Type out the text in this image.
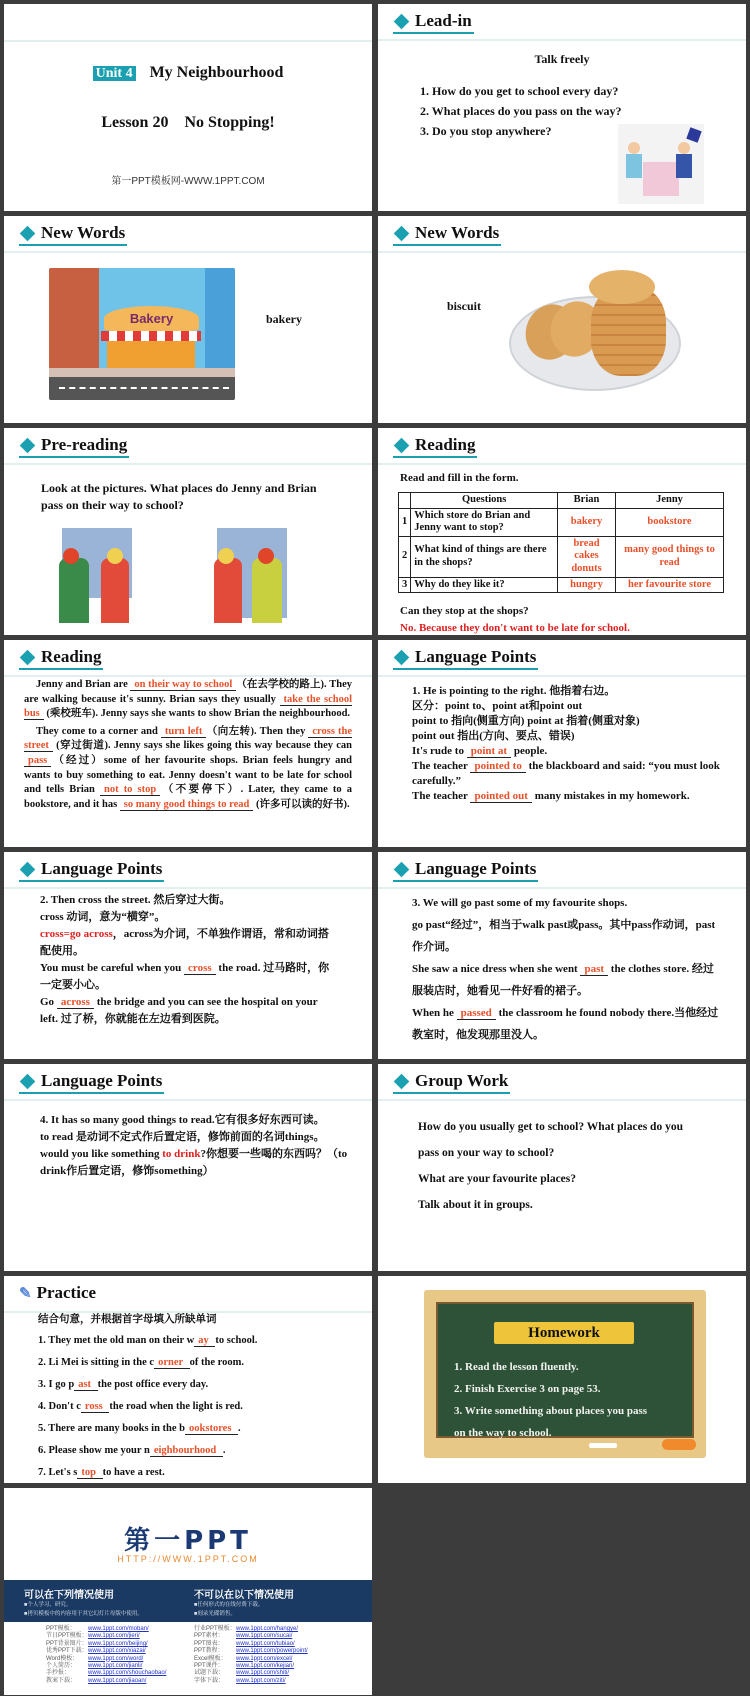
Unit 4 My Neighbourhood
Lesson 20    No Stopping!
第一PPT模板网-WWW.1PPT.COM
Lead-in
Talk freely
1. How do you get to school every day?
2. What places do you pass on the way?
3. Do you stop anywhere?
New Words
Bakery	bakery
New Words
biscuit
Pre-reading
Look at the pictures. What places do Jenny and Brian pass on their way to school?
Reading
Read and fill in the form.
	Questions	Brian	Jenny
1	Which store do Brian and Jenny want to stop?	bakery	bookstore
2	What kind of things are there in the shops?	bread cakes donuts	many good things to read
3	Why do they like it?	hungry	her favourite store
Can they stop at the shops?
No. Because they don't want to be late for school.
Reading
Jenny and Brian are on their way to school （在去学校的路上). They are walking because it's sunny. Brian says they usually take the school bus (乘校班车). Jenny says she wants to show Brian the neighbourhood.
They come to a corner and turn left （向左转). Then they cross the street (穿过街道). Jenny says she likes going this way because they can pass （经过）some of her favourite shops. Brian feels hungry and wants to buy something to eat. Jenny doesn't want to be late for school and tells Brian not to stop （不要停下）. Later, they came to a bookstore, and it has so many good things to read (许多可以读的好书).
Language Points
1. He is pointing to the right. 他指着右边。
区分：point to、point at和point out
point to 指向(侧重方向) point at 指着(侧重对象)
point out 指出(方向、要点、错误)
It's rude to point at people.
The teacher pointed to the blackboard and said: “you must look carefully.”
The teacher pointed out many mistakes in my homework.
Language Points
2. Then cross the street. 然后穿过大街。
cross 动词，意为“横穿”。
cross=go across，across为介词，不单独作谓语，常和动词搭配使用。
You must be careful when you cross the road. 过马路时，你一定要小心。
Go across the bridge and you can see the hospital on your left. 过了桥，你就能在左边看到医院。
Language Points
3. We will go past some of my favourite shops.
go past“经过”，相当于walk past或pass。其中pass作动词，past作介词。
She saw a nice dress when she went past the clothes store. 经过服装店时，她看见一件好看的裙子。
When he passed the classroom he found nobody there.当他经过教室时，他发现那里没人。
Language Points
4. It has so many good things to read.它有很多好东西可读。
to read 是动词不定式作后置定语，修饰前面的名词things。
would you like something to drink?你想要一些喝的东西吗？（to drink作后置定语，修饰something）
Group Work
How do you usually get to school? What places do you pass on your way to school?
What are your favourite places?
Talk about it in groups.
✎ Practice
结合句意，并根据首字母填入所缺单词
1. They met the old man on their w ay to school.
2. Li Mei is sitting in the c orner of the room.
3. I go p ast the post office every day.
4. Don't c ross the road when the light is red.
5. There are many books in the b ookstores .
6. Please show me your n eighbourhood .
7. Let's s top to have a rest.
Homework
1. Read the lesson fluently.
2. Finish Exercise 3 on page 53.
3. Write something about places you pass
on the way to school.
第一PPT
HTTP://WWW.1PPT.COM
可以在下列情况使用
■个人学习、研究。
■拷贝模板中的内容用于其它幻灯片母版中使用。
不可以在以下情况使用
■任何形式的在线付费下载。
■刻录光碟销售。
PPT模板： www.1ppt.com/moban/
节日PPT模板：www.1ppt.com/jieri/
PPT背景图片：www.1ppt.com/beijing/
优秀PPT下载：www.1ppt.com/xiazai/
Word模板： www.1ppt.com/word/
个人简历： www.1ppt.com/jianli/
手抄报：	www.1ppt.com/shouchaobao/
教案下载： www.1ppt.com/jiaoan/
行业PPT模板：www.1ppt.com/hangye/
PPT素材： www.1ppt.com/sucai/
PPT图表： www.1ppt.com/tubiao/
PPT教程： www.1ppt.com/powerpoint/
Excel模板： www.1ppt.com/excel/
PPT课件： www.1ppt.com/kejian/
试题下载： www.1ppt.com/shiti/
字体下载： www.1ppt.com/ziti/
